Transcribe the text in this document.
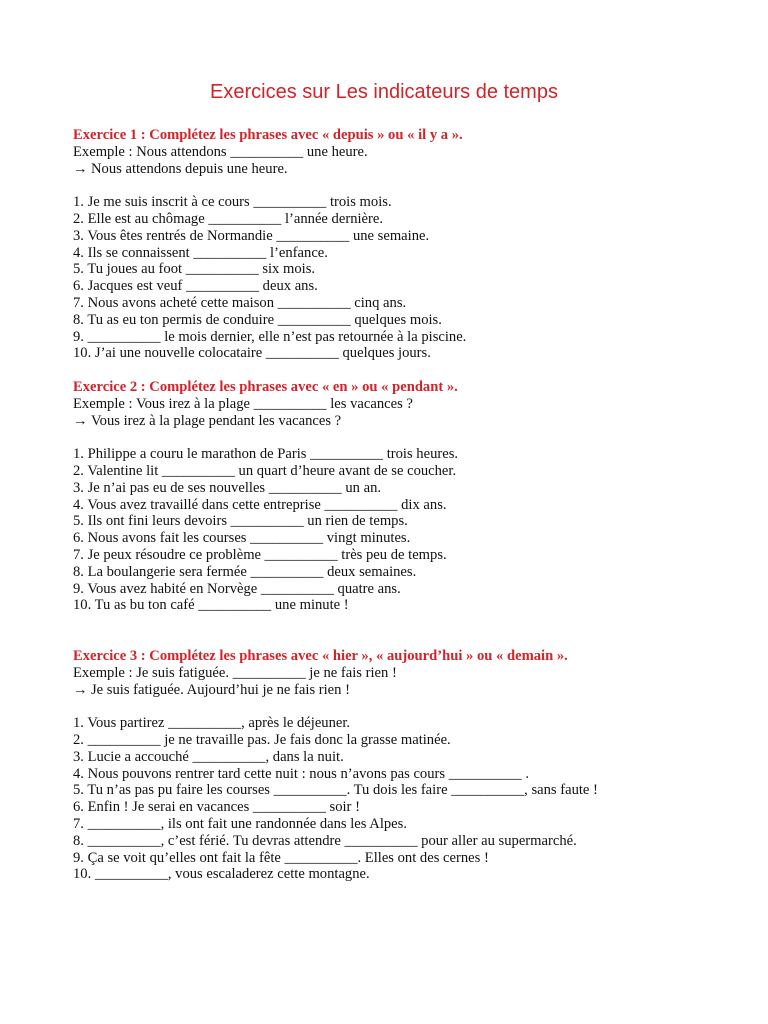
Exercices sur Les indicateurs de temps
Exercice 1 : Complétez les phrases avec « depuis » ou « il y a ».
Exemple : Nous attendons __________ une heure.
→ Nous attendons depuis une heure.
1. Je me suis inscrit à ce cours __________ trois mois.
2. Elle est au chômage __________ l’année dernière.
3. Vous êtes rentrés de Normandie __________ une semaine.
4. Ils se connaissent __________ l’enfance.
5. Tu joues au foot __________ six mois.
6. Jacques est veuf __________ deux ans.
7. Nous avons acheté cette maison __________ cinq ans.
8. Tu as eu ton permis de conduire __________ quelques mois.
9. __________ le mois dernier, elle n’est pas retournée à la piscine.
10. J’ai une nouvelle colocataire __________ quelques jours.
Exercice 2 : Complétez les phrases avec « en » ou « pendant ».
Exemple : Vous irez à la plage __________ les vacances ?
→ Vous irez à la plage pendant les vacances ?
1. Philippe a couru le marathon de Paris __________ trois heures.
2. Valentine lit __________ un quart d’heure avant de se coucher.
3. Je n’ai pas eu de ses nouvelles __________ un an.
4. Vous avez travaillé dans cette entreprise __________ dix ans.
5. Ils ont fini leurs devoirs __________ un rien de temps.
6. Nous avons fait les courses __________ vingt minutes.
7. Je peux résoudre ce problème __________ très peu de temps.
8. La boulangerie sera fermée __________ deux semaines.
9. Vous avez habité en Norvège __________ quatre ans.
10. Tu as bu ton café __________ une minute !
Exercice 3 : Complétez les phrases avec « hier », « aujourd’hui » ou « demain ».
Exemple : Je suis fatiguée. __________ je ne fais rien !
→ Je suis fatiguée. Aujourd’hui je ne fais rien !
1. Vous partirez __________, après le déjeuner.
2. __________ je ne travaille pas. Je fais donc la grasse matinée.
3. Lucie a accouché __________, dans la nuit.
4. Nous pouvons rentrer tard cette nuit : nous n’avons pas cours __________ .
5. Tu n’as pas pu faire les courses __________. Tu dois les faire __________, sans faute !
6. Enfin ! Je serai en vacances __________ soir !
7. __________, ils ont fait une randonnée dans les Alpes.
8. __________, c’est férié. Tu devras attendre __________ pour aller au supermarché.
9. Ça se voit qu’elles ont fait la fête __________. Elles ont des cernes !
10. __________, vous escaladerez cette montagne.
